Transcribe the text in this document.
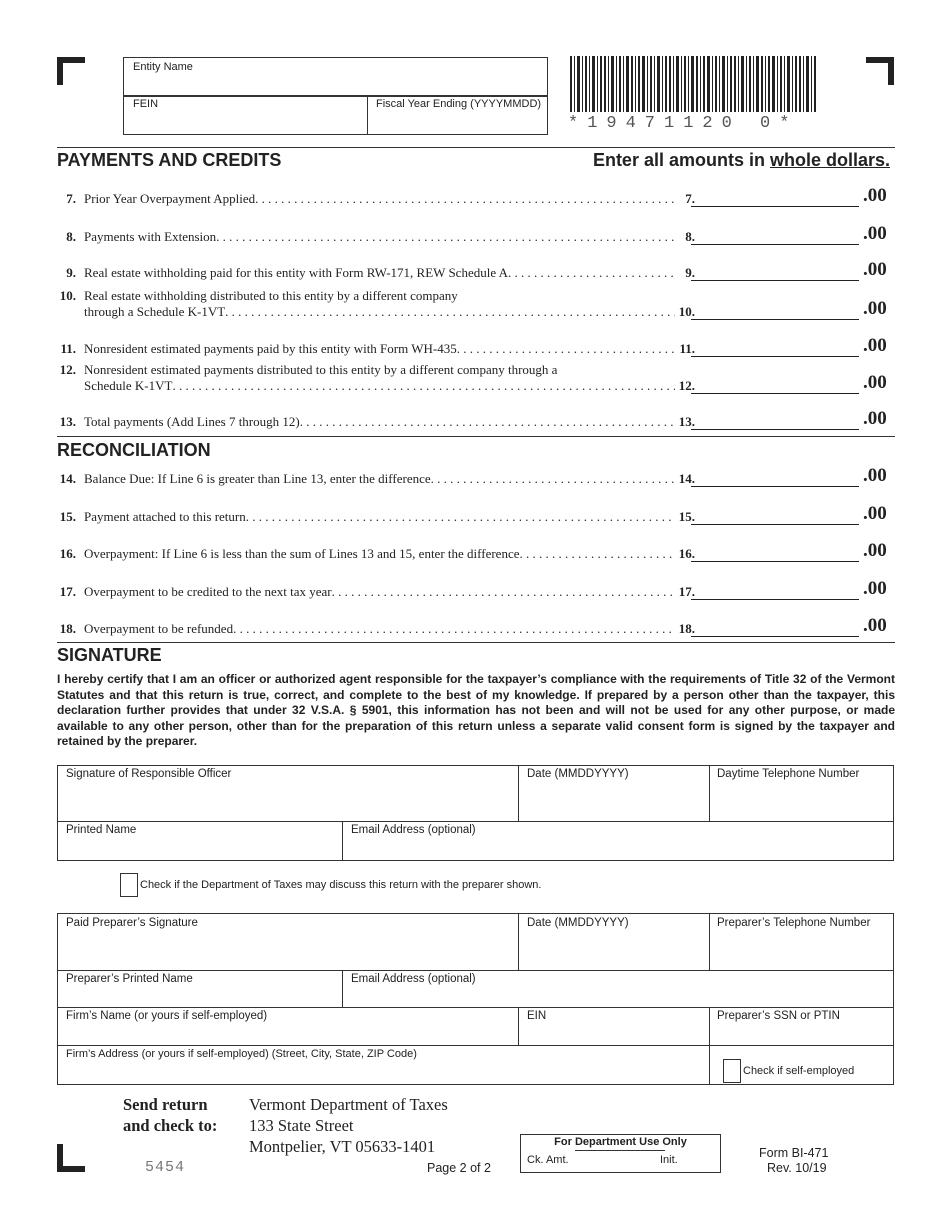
Entity Name
FEIN	Fiscal Year Ending (YYYYMMDD)
*19471120 0*
PAYMENTS AND CREDITS	Enter all amounts in whole dollars.
7. Prior Year Overpayment Applied . . .	7.	.00
8. Payments with Extension . . .	8.	.00
9. Real estate withholding paid for this entity with Form RW-171, REW Schedule A . . .	9.	.00
10. Real estate withholding distributed to this entity by a different company
through a Schedule K-1VT . . .	10.	.00
11. Nonresident estimated payments paid by this entity with Form WH-435 . . .	11.	.00
12. Nonresident estimated payments distributed to this entity by a different company through a
Schedule K-1VT . . .	12.	.00
13. Total payments (Add Lines 7 through 12) . . .	13.	.00
RECONCILIATION
14. Balance Due: If Line 6 is greater than Line 13, enter the difference . . .	14.	.00
15. Payment attached to this return . . .	15.	.00
16. Overpayment: If Line 6 is less than the sum of Lines 13 and 15, enter the difference . . .	16.	.00
17. Overpayment to be credited to the next tax year . . .	17.	.00
18. Overpayment to be refunded . . .	18.	.00
SIGNATURE
I hereby certify that I am an officer or authorized agent responsible for the taxpayer’s compliance with the requirements of Title 32 of the Vermont Statutes and that this return is true, correct, and complete to the best of my knowledge. If prepared by a person other than the taxpayer, this declaration further provides that under 32 V.S.A. § 5901, this information has not been and will not be used for any other purpose, or made available to any other person, other than for the preparation of this return unless a separate valid consent form is signed by the taxpayer and retained by the preparer.
Signature of Responsible Officer	Date (MMDDYYYY)	Daytime Telephone Number
Printed Name	Email Address (optional)
Check if the Department of Taxes may discuss this return with the preparer shown.
Paid Preparer’s Signature	Date (MMDDYYYY)	Preparer’s Telephone Number
Preparer’s Printed Name	Email Address (optional)
Firm’s Name (or yours if self-employed)	EIN	Preparer’s SSN or PTIN
Firm’s Address (or yours if self-employed) (Street, City, State, ZIP Code)
Check if self-employed
Send return
and check to:
Vermont Department of Taxes
133 State Street
Montpelier, VT 05633-1401
5454	Page 2 of 2
For Department Use Only
Ck. Amt.	Init.	Form BI-471
Rev. 10/19
